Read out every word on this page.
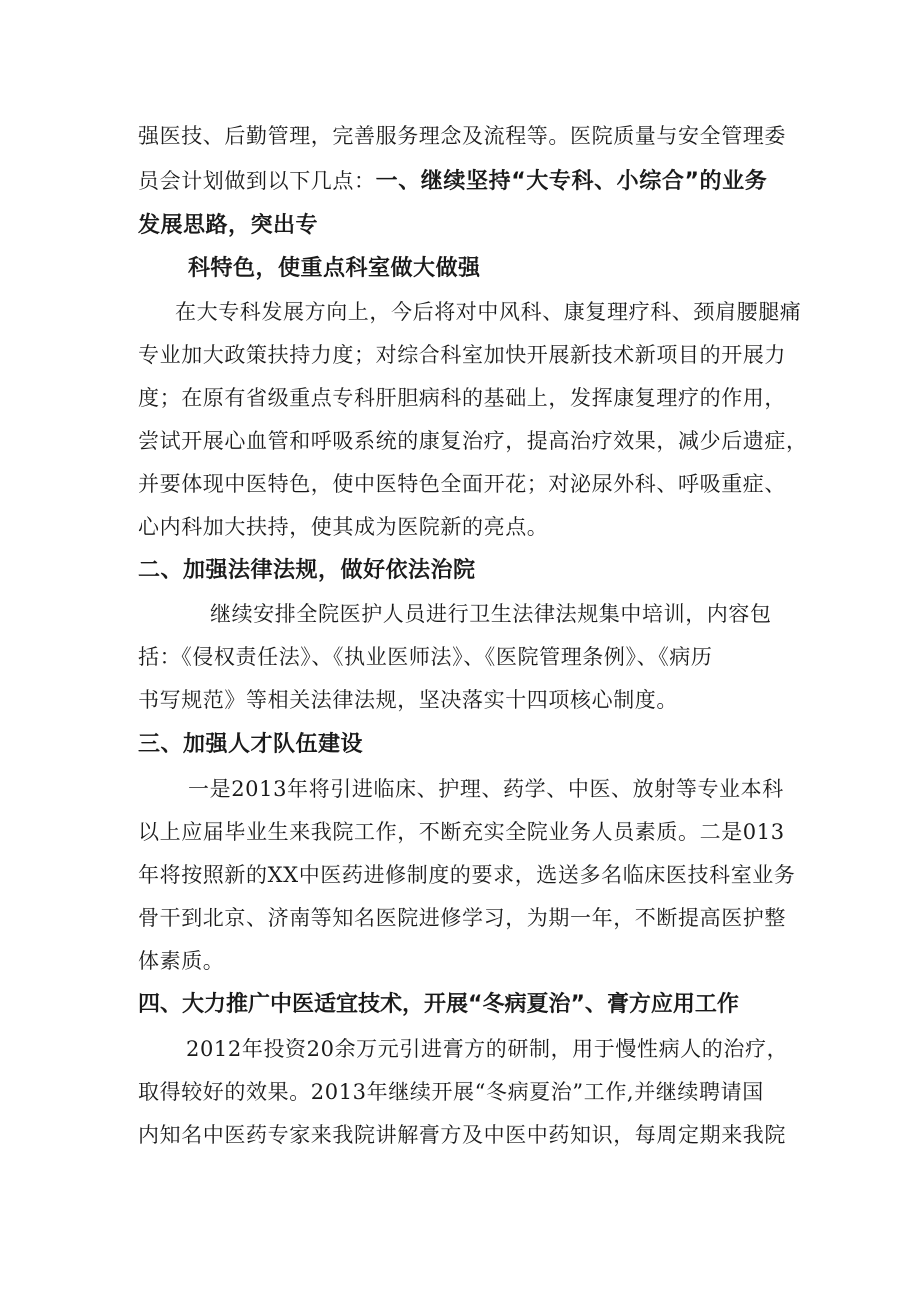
强医技、后勤管理，完善服务理念及流程等。医院质量与安全管理委
员会计划做到以下几点：一、继续坚持“大专科、小综合”的业务
发展思路，突出专
科特色，使重点科室做大做强
在大专科发展方向上，今后将对中风科、康复理疗科、颈肩腰腿痛
专业加大政策扶持力度；对综合科室加快开展新技术新项目的开展力
度；在原有省级重点专科肝胆病科的基础上，发挥康复理疗的作用，
尝试开展心血管和呼吸系统的康复治疗，提高治疗效果，减少后遗症，
并要体现中医特色，使中医特色全面开花；对泌尿外科、呼吸重症、
心内科加大扶持，使其成为医院新的亮点。
二、加强法律法规，做好依法治院
继续安排全院医护人员进行卫生法律法规集中培训，内容包
括：《侵权责任法》、《执业医师法》、《医院管理条例》、《病历
书写规范》等相关法律法规，坚决落实十四项核心制度。
三、加强人才队伍建设
一是2013年将引进临床、护理、药学、中医、放射等专业本科
以上应届毕业生来我院工作，不断充实全院业务人员素质。二是013
年将按照新的XX中医药进修制度的要求，选送多名临床医技科室业务
骨干到北京、济南等知名医院进修学习，为期一年，不断提高医护整
体素质。
四、大力推广中医适宜技术，开展“冬病夏治”、膏方应用工作
2012年投资20余万元引进膏方的研制，用于慢性病人的治疗，
取得较好的效果。2013年继续开展“冬病夏治”工作,并继续聘请国
内知名中医药专家来我院讲解膏方及中医中药知识，每周定期来我院
